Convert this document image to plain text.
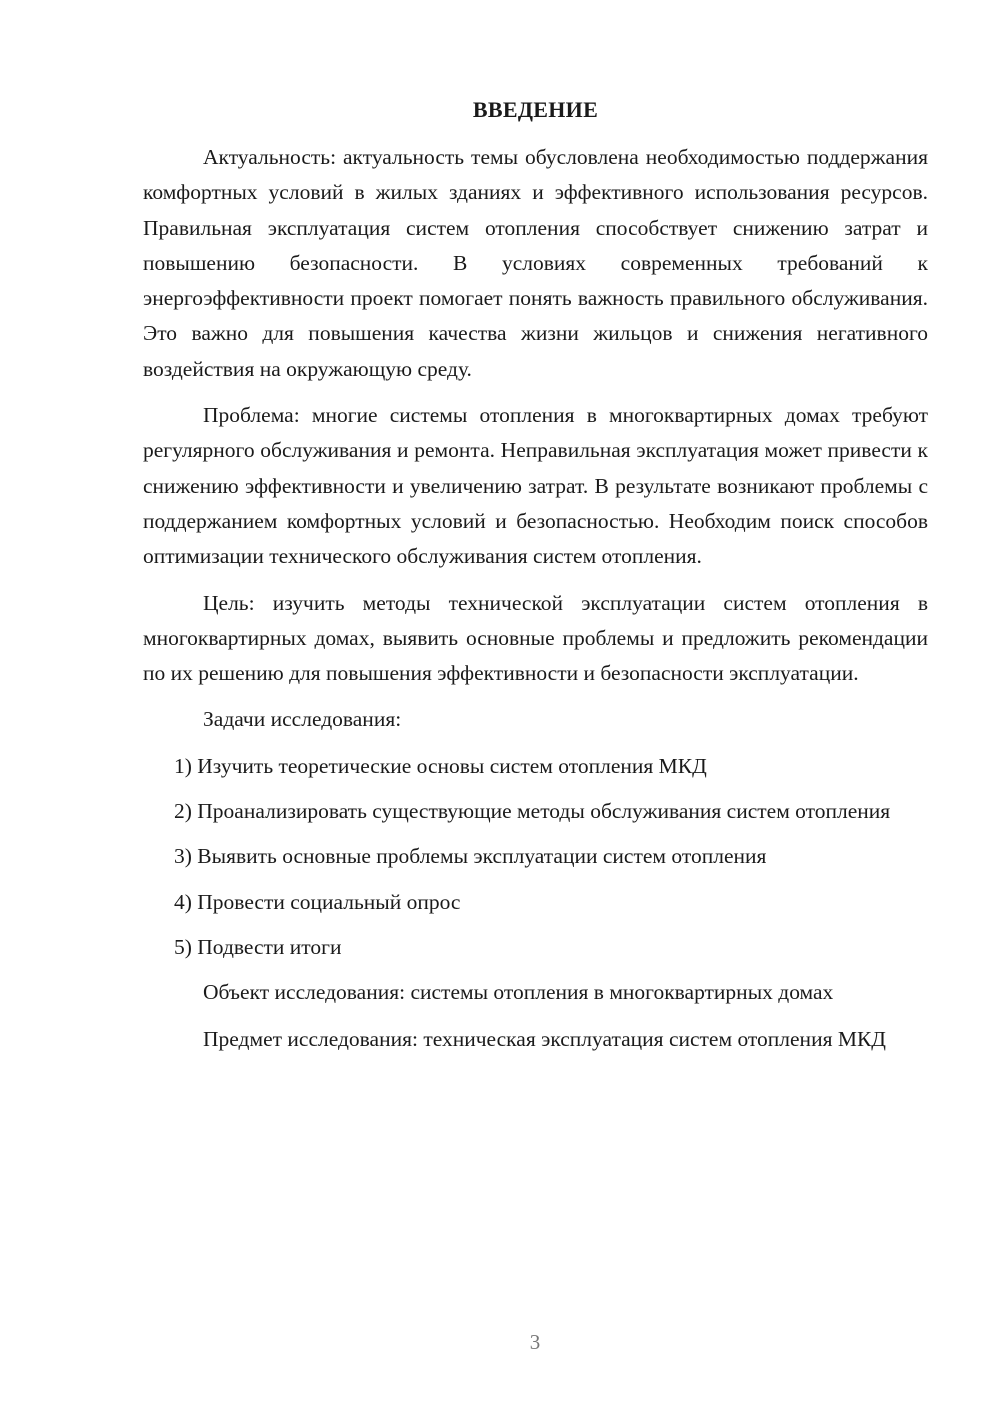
ВВЕДЕНИЕ

Актуальность: актуальность темы обусловлена необходимостью поддержания комфортных условий в жилых зданиях и эффективного использования ресурсов. Правильная эксплуатация систем отопления способствует снижению затрат и повышению безопасности. В условиях современных требований к энергоэффективности проект помогает понять важность правильного обслуживания. Это важно для повышения качества жизни жильцов и снижения негативного воздействия на окружающую среду.

Проблема: многие системы отопления в многоквартирных домах требуют регулярного обслуживания и ремонта. Неправильная эксплуатация может привести к снижению эффективности и увеличению затрат. В результате возникают проблемы с поддержанием комфортных условий и безопасностью. Необходим поиск способов оптимизации технического обслуживания систем отопления.

Цель: изучить методы технической эксплуатации систем отопления в многоквартирных домах, выявить основные проблемы и предложить рекомендации по их решению для повышения эффективности и безопасности эксплуатации.

Задачи исследования:

1) Изучить теоретические основы систем отопления МКД

2) Проанализировать существующие методы обслуживания систем отопления

3) Выявить основные проблемы эксплуатации систем отопления

4) Провести социальный опрос

5) Подвести итоги

Объект исследования: системы отопления в многоквартирных домах

Предмет исследования: техническая эксплуатация систем отопления МКД

3
